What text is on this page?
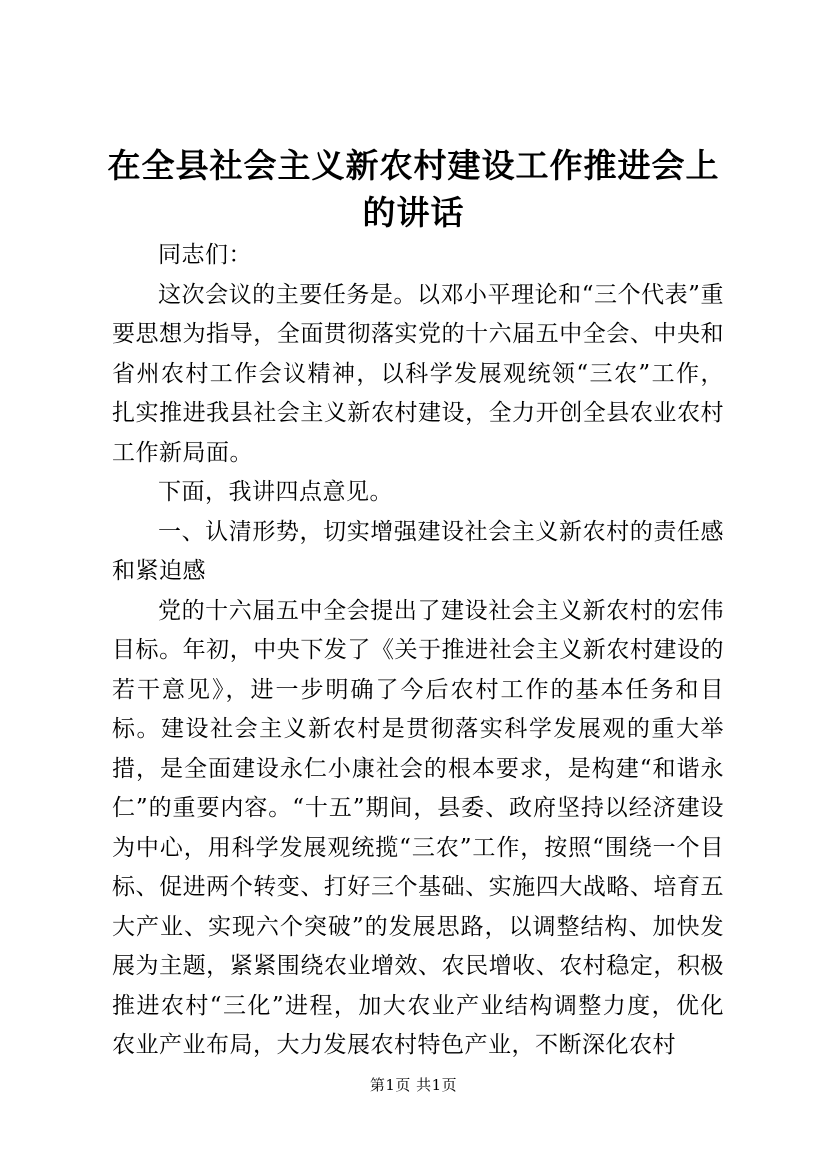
在全县社会主义新农村建设工作推进会上的讲话

同志们：

这次会议的主要任务是。以邓小平理论和“三个代表”重要思想为指导，全面贯彻落实党的十六届五中全会、中央和省州农村工作会议精神，以科学发展观统领“三农”工作，扎实推进我县社会主义新农村建设，全力开创全县农业农村工作新局面。

下面，我讲四点意见。

一、认清形势，切实增强建设社会主义新农村的责任感和紧迫感

党的十六届五中全会提出了建设社会主义新农村的宏伟目标。年初，中央下发了《关于推进社会主义新农村建设的若干意见》，进一步明确了今后农村工作的基本任务和目标。建设社会主义新农村是贯彻落实科学发展观的重大举措，是全面建设永仁小康社会的根本要求，是构建“和谐永仁”的重要内容。“十五”期间，县委、政府坚持以经济建设为中心，用科学发展观统揽“三农”工作，按照“围绕一个目标、促进两个转变、打好三个基础、实施四大战略、培育五大产业、实现六个突破”的发展思路，以调整结构、加快发展为主题，紧紧围绕农业增效、农民增收、农村稳定，积极推进农村“三化”进程，加大农业产业结构调整力度，优化农业产业布局，大力发展农村特色产业，不断深化农村

第1页 共1页
